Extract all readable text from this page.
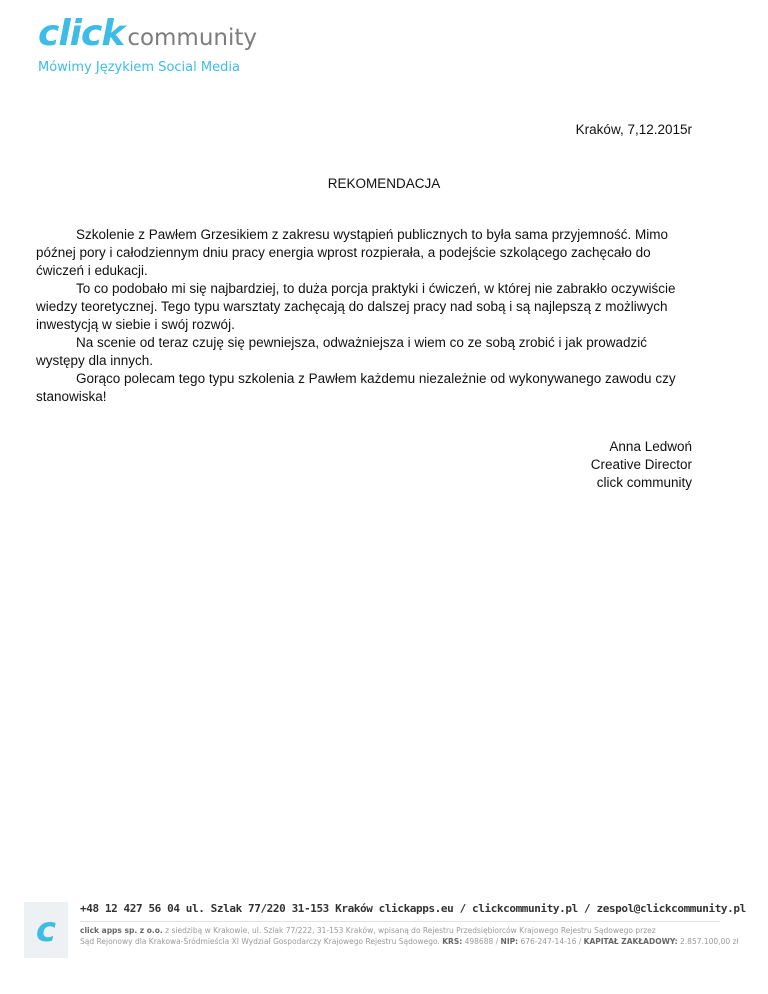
click community
Mówimy Językiem Social Media
Kraków, 7,12.2015r
REKOMENDACJA

Szkolenie z Pawłem Grzesikiem z zakresu wystąpień publicznych to była sama przyjemność. Mimo późnej pory i całodziennym dniu pracy energia wprost rozpierała, a podejście szkolącego zachęcało do ćwiczeń i edukacji.

To co podobało mi się najbardziej, to duża porcja praktyki i ćwiczeń, w której nie zabrakło oczywiście wiedzy teoretycznej. Tego typu warsztaty zachęcają do dalszej pracy nad sobą i są najlepszą z możliwych inwestycją w siebie i swój rozwój.

Na scenie od teraz czuję się pewniejsza, odważniejsza i wiem co ze sobą zrobić i jak prowadzić występy dla innych.

Gorąco polecam tego typu szkolenia z Pawłem każdemu niezależnie od wykonywanego zawodu czy stanowiska!

Anna Ledwoń
Creative Director
click community
c
+48 12 427 56 04 ul. Szlak 77/220 31-153 Kraków clickapps.eu / clickcommunity.pl / zespol@clickcommunity.pl
click apps sp. z o.o. z siedzibą w Krakowie, ul. Szlak 77/222, 31-153 Kraków, wpisaną do Rejestru Przedsiębiorców Krajowego Rejestru Sądowego przez
Sąd Rejonowy dla Krakowa-Śródmieścia XI Wydział Gospodarczy Krajowego Rejestru Sądowego. KRS: 498688 / NIP: 676-247-14-16 / KAPITAŁ ZAKŁADOWY: 2.857.100,00 zł
